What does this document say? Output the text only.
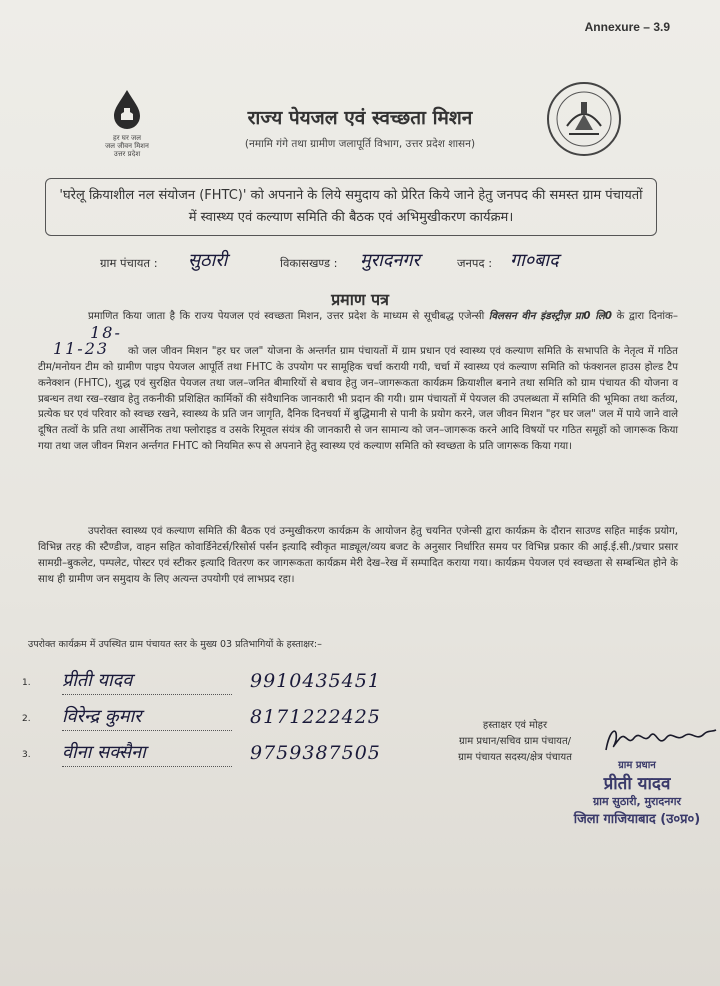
Annexure – 3.9
हर घर जल
जल जीवन मिशन
उत्तर प्रदेश
राज्य पेयजल एवं स्वच्छता मिशन
(नमामि गंगे तथा ग्रामीण जलापूर्ति विभाग, उत्तर प्रदेश शासन)
'घरेलू क्रियाशील नल संयोजन (FHTC)' को अपनाने के लिये समुदाय को प्रेरित किये जाने हेतु जनपद की समस्त ग्राम पंचायतों में स्वास्थ्य एवं कल्याण समिति की बैठक एवं अभिमुखीकरण कार्यक्रम।
ग्राम पंचायत : सुठारी	विकासखण्ड : मुरादनगर	जनपद : गा०बाद
प्रमाण पत्र
प्रमाणित किया जाता है कि राज्य पेयजल एवं स्वच्छता मिशन, उत्तर प्रदेश के माध्यम से सूचीबद्ध एजेन्सी विलसन वीन इंडस्ट्रीज़ प्रा0 लि0 के द्वारा दिनांक– 18-11-23 को जल जीवन मिशन "हर घर जल" योजना के अन्तर्गत ग्राम पंचायतों में ग्राम प्रधान एवं स्वास्थ्य एवं कल्याण समिति के सभापति के नेतृत्व में गठित टीम/मनोयन टीम को ग्रामीण पाइप पेयजल आपूर्ति तथा FHTC के उपयोग पर सामूहिक चर्चा करायी गयी, चर्चा में स्वास्थ्य एवं कल्याण समिति को फंक्शनल हाउस होल्ड टैप कनेक्शन (FHTC), शुद्ध एवं सुरक्षित पेयजल तथा जल–जनित बीमारियों से बचाव हेतु जन–जागरूकता कार्यक्रम क्रियाशील बनाने तथा समिति को ग्राम पंचायत की योजना व प्रबन्धन तथा रख–रखाव हेतु तकनीकी प्रशिक्षित कार्मिकों की संवैधानिक जानकारी भी प्रदान की गयी। ग्राम पंचायतों में पेयजल की उपलब्धता में समिति की भूमिका तथा कर्तव्य, प्रत्येक घर एवं परिवार को स्वच्छ रखने, स्वास्थ्य के प्रति जन जागृति, दैनिक दिनचर्या में बुद्धिमानी से पानी के प्रयोग करने, जल जीवन मिशन "हर घर जल" जल में पाये जाने वाले दूषित तत्वों के प्रति तथा आर्सेनिक तथा फ्लोराइड व उसके रिमूवल संयंत्र की जानकारी से जन सामान्य को जन–जागरूक करने आदि विषयों पर गठित समूहों को जागरूक किया गया तथा जल जीवन मिशन अर्न्तगत FHTC को नियमित रूप से अपनाने हेतु स्वास्थ्य एवं कल्याण समिति को स्वच्छता के प्रति जागरूक किया गया।
उपरोक्त स्वास्थ्य एवं कल्याण समिति की बैठक एवं उन्मुखीकरण कार्यक्रम के आयोजन हेतु चयनित एजेन्सी द्वारा कार्यक्रम के दौरान साउण्ड सहित माईक प्रयोग, विभिन्न तरह की स्टैण्डीज, वाहन सहित कोवार्डिनेटर्स/रिसोर्स पर्सन इत्यादि स्वीकृत माड्यूल/व्यय बजट के अनुसार निर्धारित समय पर विभिन्न प्रकार की आई.ई.सी./प्रचार प्रसार सामग्री–बुकलेट, पम्पलेट, पोस्टर एवं स्टीकर इत्यादि वितरण कर जागरूकता कार्यक्रम मेरी देख–रेख में सम्पादित कराया गया। कार्यक्रम पेयजल एवं स्वच्छता से सम्बन्धित होने के साथ ही ग्रामीण जन समुदाय के लिए अत्यन्त उपयोगी एवं लाभप्रद रहा।
उपरोक्त कार्यक्रम में उपस्थित ग्राम पंचायत स्तर के मुख्य 03 प्रतिभागियों के हस्ताक्षर:–
1. प्रीती यादव	9910435451
2. विरेन्द्र कुमार	8171222425
3. वीना सक्सैना	9759387505
हस्ताक्षर एवं मोहर
ग्राम प्रधान/सचिव ग्राम पंचायत/
ग्राम पंचायत सदस्य/क्षेत्र पंचायत
ग्राम प्रधान
प्रीती यादव
ग्राम सुठारी, मुरादनगर
जिला गाजियाबाद (उ०प्र०)
